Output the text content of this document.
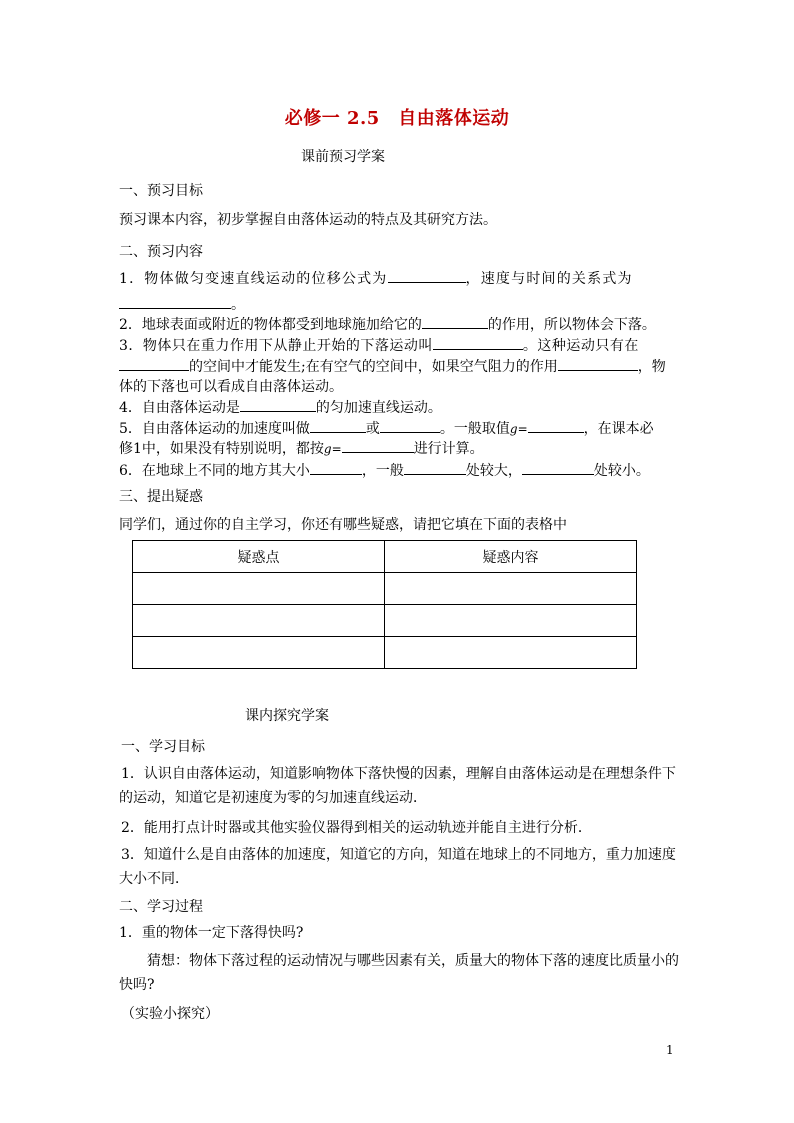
必修一 2.5　自由落体运动
课前预习学案
一、预习目标
预习课本内容，初步掌握自由落体运动的特点及其研究方法。
二、预习内容
1．物体做匀变速直线运动的位移公式为	，速度与时间的关系式为
。
2．地球表面或附近的物体都受到地球施加给它的	的作用，所以物体会下落。
3．物体只在重力作用下从静止开始的下落运动叫	。这种运动只有在
的空间中才能发生;在有空气的空间中，如果空气阻力的作用	，物
体的下落也可以看成自由落体运动。
4．自由落体运动是	的匀加速直线运动。
5．自由落体运动的加速度叫做	或	。一般取值g=	，在课本必
修1中，如果没有特别说明，都按g=	进行计算。
6．在地球上不同的地方其大小	，一般	处较大，	处较小。
三、提出疑惑
同学们，通过你的自主学习，你还有哪些疑惑，请把它填在下面的表格中
疑惑点	疑惑内容

课内探究学案
一、学习目标
1．认识自由落体运动，知道影响物体下落快慢的因素，理解自由落体运动是在理想条件下
的运动，知道它是初速度为零的匀加速直线运动．
2．能用打点计时器或其他实验仪器得到相关的运动轨迹并能自主进行分析．
3．知道什么是自由落体的加速度，知道它的方向，知道在地球上的不同地方，重力加速度
大小不同．
二、学习过程
1．重的物体一定下落得快吗?
猜想：物体下落过程的运动情况与哪些因素有关，质量大的物体下落的速度比质量小的
快吗?
（实验小探究）
1
